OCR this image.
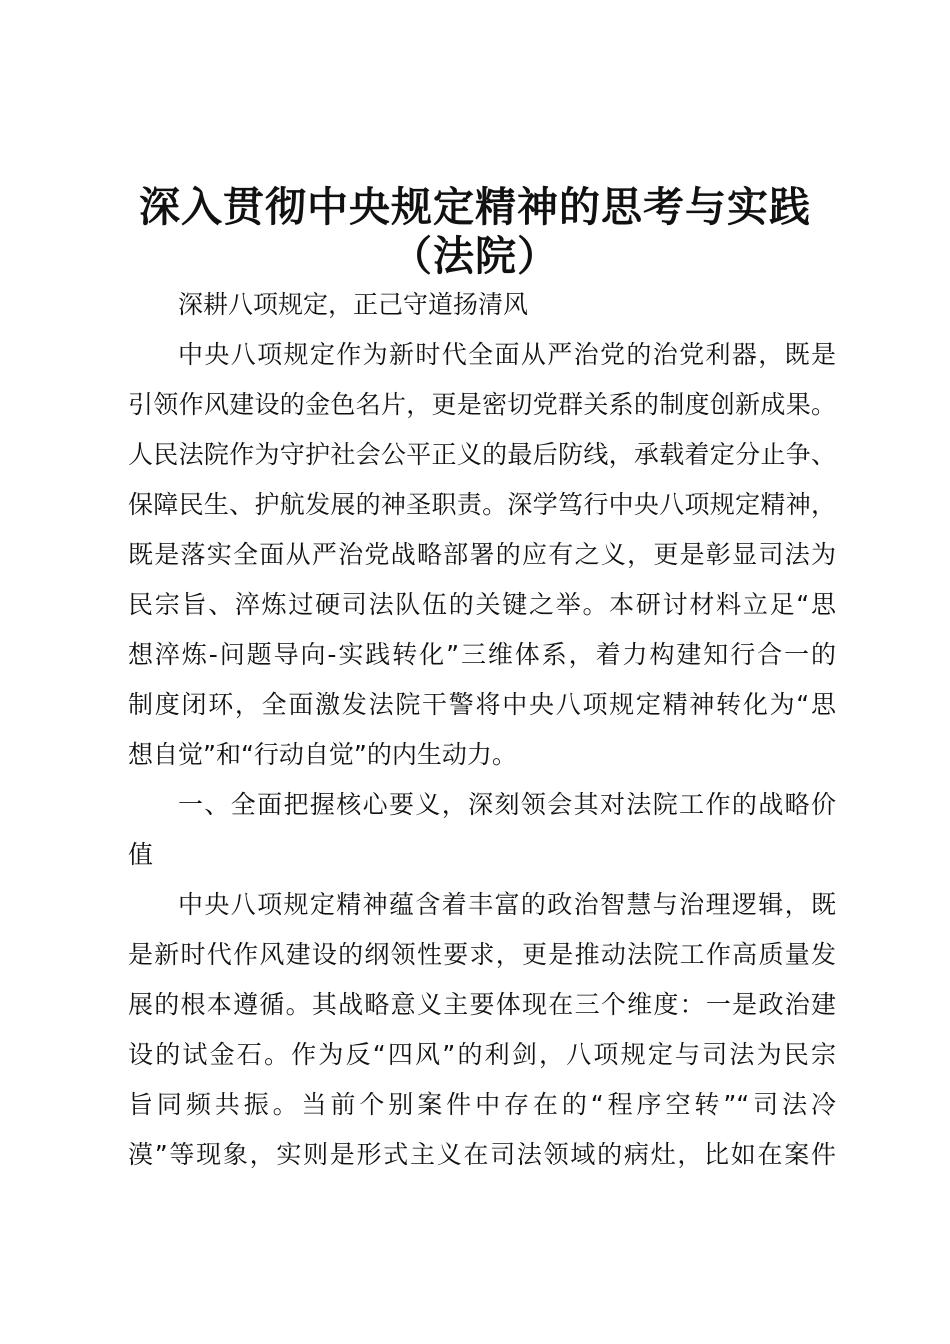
深入贯彻中央规定精神的思考与实践
（法院）
深耕八项规定，正己守道扬清风
中央八项规定作为新时代全面从严治党的治党利器，既是
引领作风建设的金色名片，更是密切党群关系的制度创新成果。
人民法院作为守护社会公平正义的最后防线，承载着定分止争、
保障民生、护航发展的神圣职责。深学笃行中央八项规定精神，
既是落实全面从严治党战略部署的应有之义，更是彰显司法为
民宗旨、淬炼过硬司法队伍的关键之举。本研讨材料立足“思
想淬炼-问题导向-实践转化”三维体系，着力构建知行合一的
制度闭环，全面激发法院干警将中央八项规定精神转化为“思
想自觉”和“行动自觉”的内生动力。
一、全面把握核心要义，深刻领会其对法院工作的战略价
值
中央八项规定精神蕴含着丰富的政治智慧与治理逻辑，既
是新时代作风建设的纲领性要求，更是推动法院工作高质量发
展的根本遵循。其战略意义主要体现在三个维度：一是政治建
设的试金石。作为反“四风”的利剑，八项规定与司法为民宗
旨同频共振。当前个别案件中存在的“程序空转”“司法冷
漠”等现象，实则是形式主义在司法领域的病灶，比如在案件
